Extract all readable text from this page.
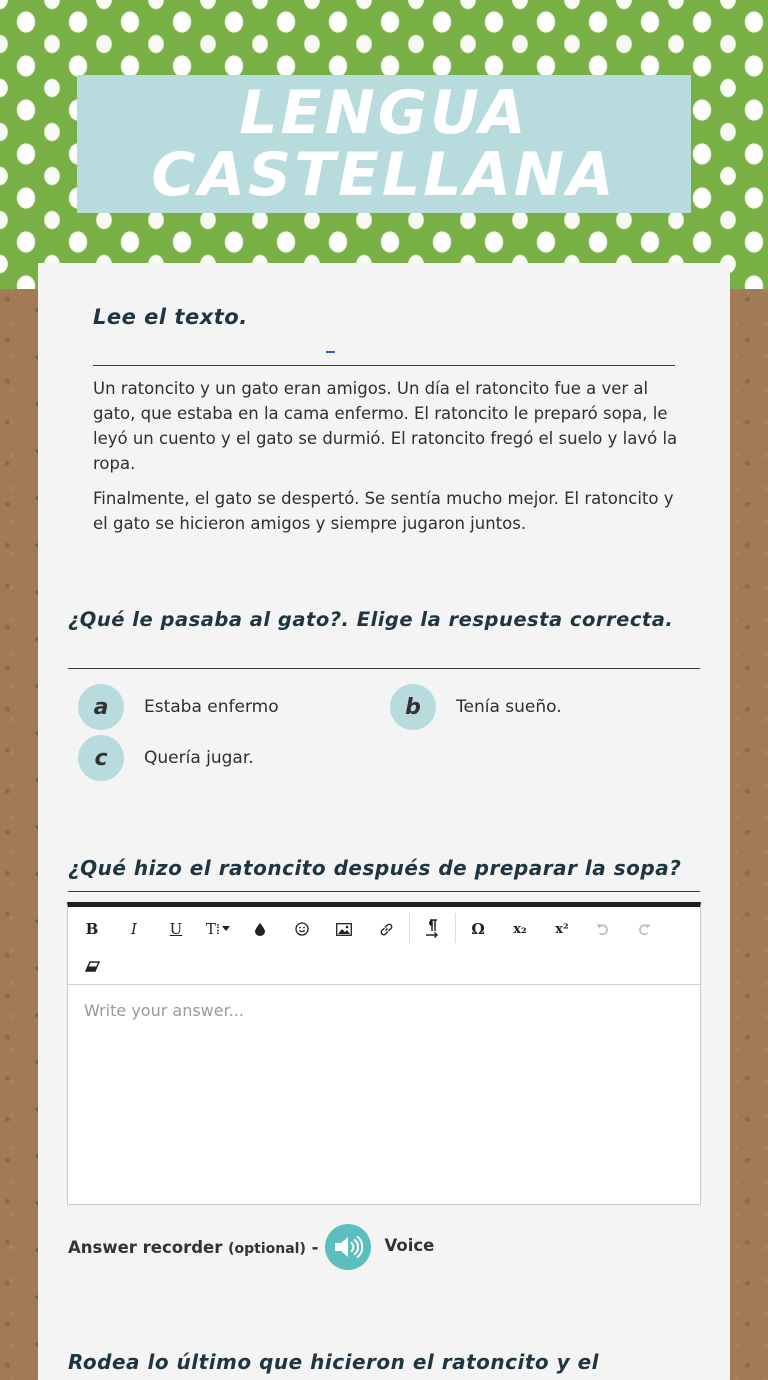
LENGUA
CASTELLANA
Lee el texto.

Un ratoncito y un gato eran amigos. Un día el ratoncito fue a ver al gato, que estaba en la cama enfermo. El ratoncito le preparó sopa, le leyó un cuento y el gato se durmió. El ratoncito fregó el suelo y lavó la ropa.

Finalmente, el gato se despertó. Se sentía mucho mejor. El ratoncito y el gato se hicieron amigos y siempre jugaron juntos.

¿Qué le pasaba al gato?. Elige la respuesta correcta.
a	Estaba enfermo	b	Tenía sueño.
c	Quería jugar.
¿Qué hizo el ratoncito después de preparar la sopa?
B	I	U	T⁞	Ω	x₂	x²
Write your answer...
Answer recorder (optional) -	Voice
Rodea lo último que hicieron el ratoncito y el
